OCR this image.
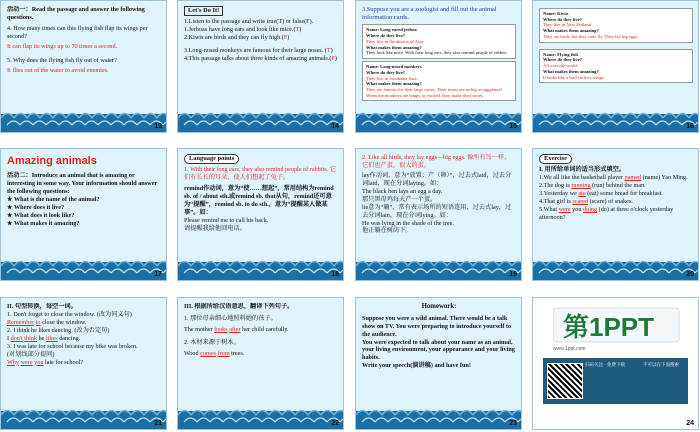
活动一：Read the passage and answer the following questions.
4. How many times can this flying fish flap its wings per second?
It can flap its wings up to 70 times a second.
5. Why does the flying fish fly out of water?
It flies out of the water to avoid enemies.
13
Let's Do It!
1.Listen to the passage and write true(T) or false(F).
1.Jerboas have long ears and look like mice.(T)
2.Kiwis are birds and they can fly high.(F)
3.Long-nosed monkeys are famous for their large noses. (T)
4.This passage talks about three kinds of amazing animals.(F)
14
3.Suppose you are a zoologist and fill out the animal information cards.
Name: Long-eared jerboa
Where do they live?
They live in the deserts of Asia.
What makes them amazing?
They look like mice. With their long ears, they also remind people of rabbits.
Name: Long-nosed monkeys
Where do they live?
They live in Southeast Asia.
What makes them amazing?
They are famous for their large noses. Their noses are as big as eggplants! When the monkeys are happy or excited, they shake their noses.
15
Name: Kiwis
Where do they live?
They live in New Zealand
What makes them amazing?
They are birds, but they can't fly. They lay big eggs.
Name: Flying fish
Where do they live?
All over the world
What makes them amazing?
It looks like a bird with its wings.
16
Amazing animals
活动二：Introduce an animal that is amazing or interesting in some way. Your information should answer the following questions:
★ What is the name of the animal?
★ Where does it live?
★ What does it look like?
★ What makes it amazing?
17
Language points
1. With their long ears, they also remind people of rabbits. 它们有长长的耳朵，使人们想起了兔子。
remind作动词，意为“使……想起”，常用结构为remind sb. of / about sth.或remind sb. that从句，remind还可意为“提醒”，remind sb. to do sth.，意为“提醒某人做某事”。如：
Please remind me to call his back.
请提醒我给他回电话。
18
2. Like all birds, they lay eggs—big eggs. 像所有鸟一样，它们也产蛋，很大的蛋。
lay作动词，意为“放置；产（卵）”，过去式laid，过去分词laid，现在分词laying。如：
The black hen lays an egg a day.
那只黑母鸡每天产一个蛋。
lie意为“躺”，常有表示场所的短语连用，过去式lay，过去分词lain，现在分词lying。如：
He was lying in the shade of the tree.
他正躺在树荫下。
19
Exercise
I. 用所给单词的适当形式填空。
1.We all like the basketball player named (name) Yao Ming.
2.The dog is running (run) behind the man.
3.Yesterday we ate (eat) some bread for breakfast.
4.That girl is scared (scare) of snakes.
5.What were you doing (do) at three o'clock yesterday afternoon?
20
II. 句型转换，每空一词。
1. Don't forget to close the window. (改为同义句)
Remember to close the window.
2. I think he likes dancing. (改为否定句)
I don't think he likes dancing.
3. I was late for school because my bike was broken.
(对划线部分提问)
Why were you late for school?
21
III. 根据所给汉语意思，翻译下列句子。
1. 那位母亲细心地照料她的孩子。
The mother looks after her child carefully.
2. 木材来源于树木。
Wood comes from trees.
22
Homework:
Suppose you were a wild animal. There would be a talk show on TV. You were preparing to introduce yourself to the audience.
You were expected to talk about your name as an animal, your living environment, your appearance and your living habits.
Write your speech(演讲稿) and have fun!
23
第1PPT
www.1ppt.com
扫码关注 · 免费下载	不可以在下面搜索
24
